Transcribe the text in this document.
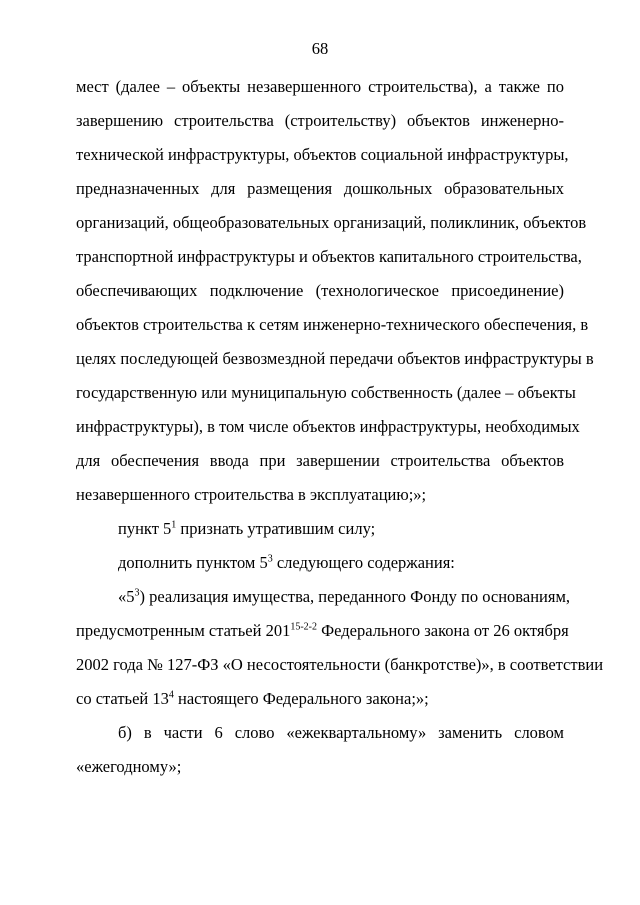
68
мест (далее – объекты незавершенного строительства), а также по
завершению строительства (строительству) объектов инженерно-
технической инфраструктуры, объектов социальной инфраструктуры,
предназначенных для размещения дошкольных образовательных
организаций, общеобразовательных организаций, поликлиник, объектов
транспортной инфраструктуры и объектов капитального строительства,
обеспечивающих подключение (технологическое присоединение)
объектов строительства к сетям инженерно-технического обеспечения, в
целях последующей безвозмездной передачи объектов инфраструктуры в
государственную или муниципальную собственность (далее – объекты
инфраструктуры), в том числе объектов инфраструктуры, необходимых
для обеспечения ввода при завершении строительства объектов
незавершенного строительства в эксплуатацию;»;
пункт $5^1$ признать утратившим силу;
дополнить пунктом $5^3$ следующего содержания:
«$5^3$) реализация имущества, переданного Фонду по основаниям,
предусмотренным статьей 201$^{15-2-2}$ Федерального закона от 26 октября
2002 года № 127-ФЗ «О несостоятельности (банкротстве)», в соответствии
со статьей $13^4$ настоящего Федерального закона;»;
б) в части 6 слово «ежеквартальному» заменить словом
«ежегодному»;
